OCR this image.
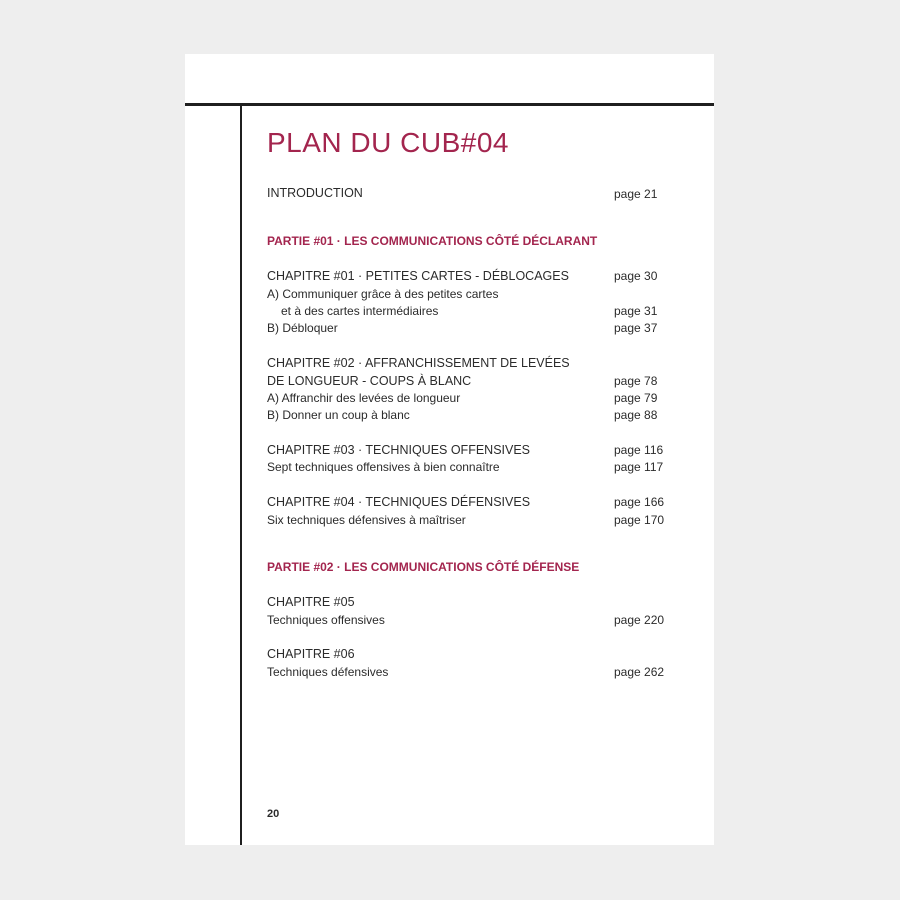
PLAN DU CUB#04
INTRODUCTION	page 21
PARTIE #01 · LES COMMUNICATIONS CÔTÉ DÉCLARANT
CHAPITRE #01 · PETITES CARTES - DÉBLOCAGES	page 30
A) Communiquer grâce à des petites cartes
et à des cartes intermédiaires	page 31
B) Débloquer	page 37
CHAPITRE #02 · AFFRANCHISSEMENT DE LEVÉES
DE LONGUEUR - COUPS À BLANC	page 78
A) Affranchir des levées de longueur	page 79
B) Donner un coup à blanc	page 88
CHAPITRE #03 · TECHNIQUES OFFENSIVES	page 116
Sept techniques offensives à bien connaître	page 117
CHAPITRE #04 · TECHNIQUES DÉFENSIVES	page 166
Six techniques défensives à maîtriser	page 170
PARTIE #02 · LES COMMUNICATIONS CÔTÉ DÉFENSE
CHAPITRE #05
Techniques offensives	page 220
CHAPITRE #06
Techniques défensives	page 262
20
